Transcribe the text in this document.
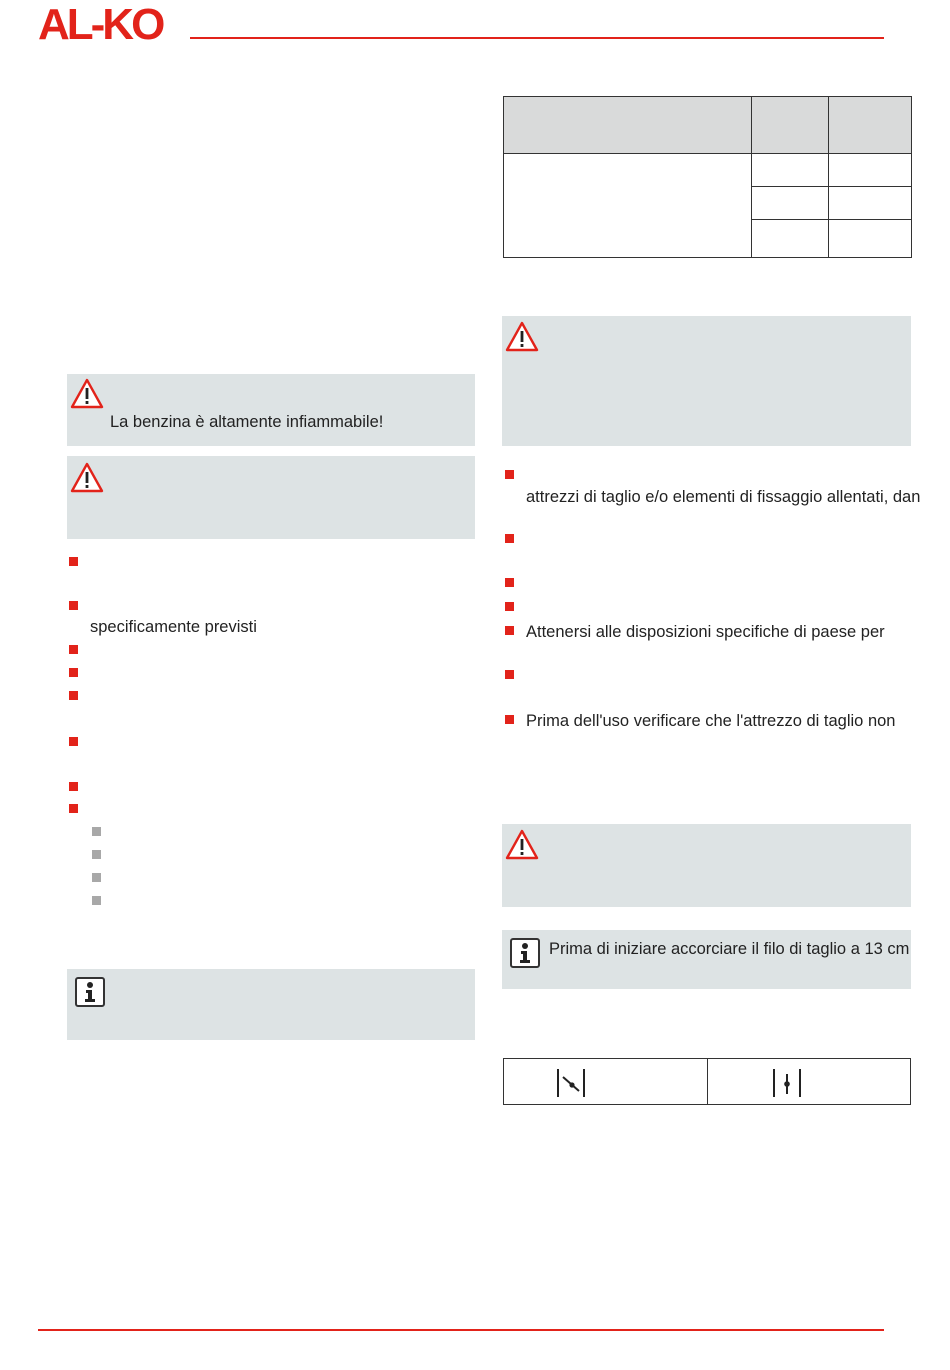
AL-KO
La benzina è altamente infiammabile!
specificamente previsti

attrezzi di taglio e/o elementi di fissaggio allentati, dan
Attenersi alle disposizioni specifiche di paese per
Prima dell'uso verificare che l'attrezzo di taglio non
Prima di iniziare accorciare il filo di taglio a 13 cm
